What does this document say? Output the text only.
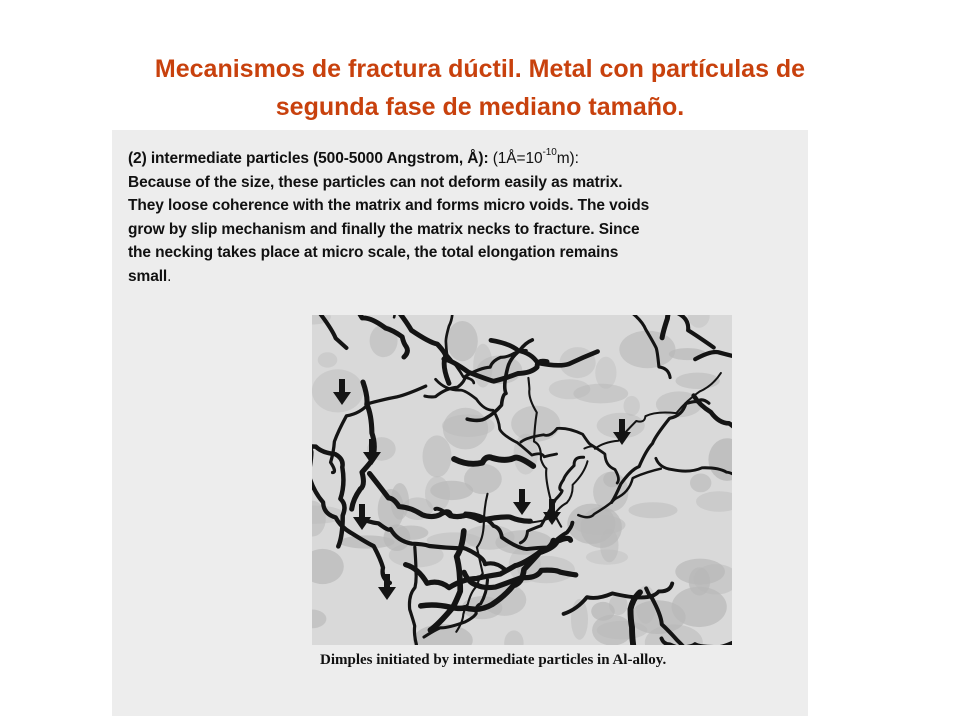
Mecanismos de fractura dúctil. Metal con partículas de
segunda fase de mediano tamaño.
(2) intermediate particles (500-5000 Angstrom, Å): $(1Å=10^{-10}m)$:
Because of the size, these particles can not deform easily as matrix.
They loose coherence with the matrix and forms micro voids. The voids
grow by slip mechanism and finally the matrix necks to fracture. Since
the necking takes place at micro scale, the total elongation remains
small.
Dimples initiated by intermediate particles in Al-alloy.
